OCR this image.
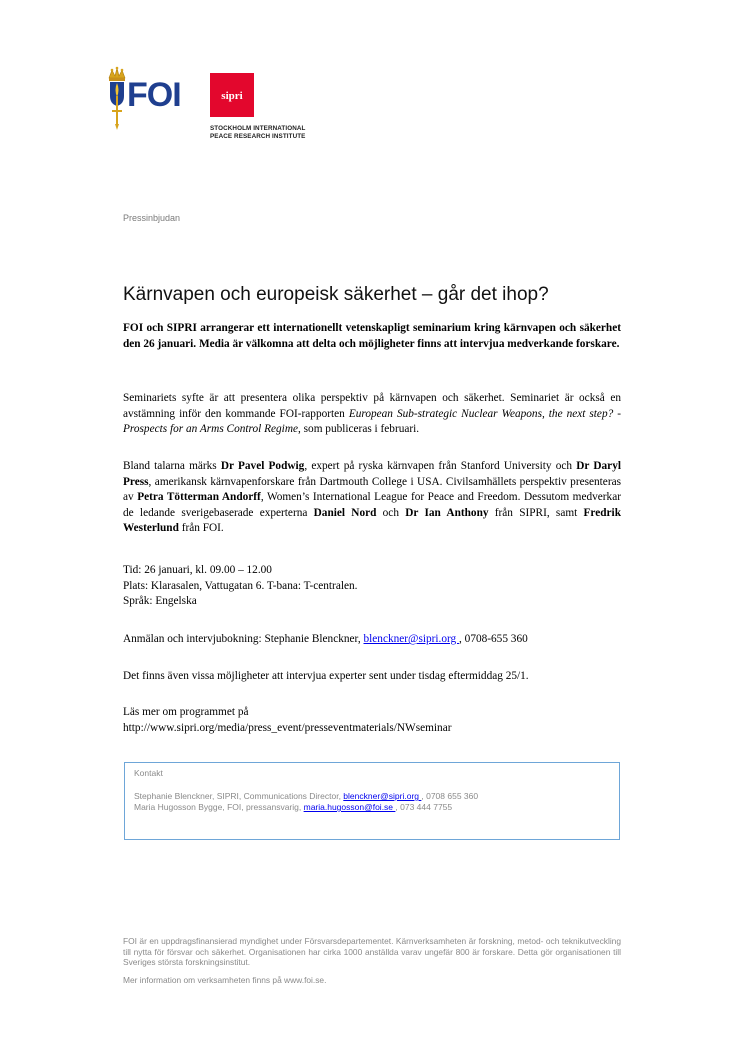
FOI	sipri
STOCKHOLM INTERNATIONAL
PEACE RESEARCH INSTITUTE
Pressinbjudan
Kärnvapen och europeisk säkerhet – går det ihop?

FOI och SIPRI arrangerar ett internationellt vetenskapligt seminarium kring kärnvapen och säkerhet den 26 januari. Media är välkomna att delta och möjligheter finns att intervjua medverkande forskare.

Seminariets syfte är att presentera olika perspektiv på kärnvapen och säkerhet. Seminariet är också en avstämning inför den kommande FOI-rapporten European Sub-strategic Nuclear Weapons, the next step? - Prospects for an Arms Control Regime, som publiceras i februari.

Bland talarna märks Dr Pavel Podwig, expert på ryska kärnvapen från Stanford University och Dr Daryl Press, amerikansk kärnvapenforskare från Dartmouth College i USA. Civilsamhällets perspektiv presenteras av Petra Tötterman Andorff, Women’s International League for Peace and Freedom. Dessutom medverkar de ledande sverigebaserade experterna Daniel Nord och Dr Ian Anthony från SIPRI, samt Fredrik Westerlund från FOI.

Tid: 26 januari, kl. 09.00 – 12.00
Plats: Klarasalen, Vattugatan 6. T-bana: T-centralen.
Språk: Engelska

Anmälan och intervjubokning: Stephanie Blenckner, blenckner@sipri.org , 0708-655 360

Det finns även vissa möjligheter att intervjua experter sent under tisdag eftermiddag 25/1.

Läs mer om programmet på
http://www.sipri.org/media/press_event/presseventmaterials/NWseminar
Kontakt
Stephanie Blenckner, SIPRI, Communications Director, blenckner@sipri.org , 0708 655 360
Maria Hugosson Bygge, FOI, pressansvarig, maria.hugosson@foi.se , 073 444 7755

FOI är en uppdragsfinansierad myndighet under Försvarsdepartementet. Kärnverksamheten är forskning, metod- och teknikutveckling till nytta för försvar och säkerhet. Organisationen har cirka 1000 anställda varav ungefär 800 är forskare. Detta gör organisationen till Sveriges största forskningsinstitut.

Mer information om verksamheten finns på www.foi.se.
